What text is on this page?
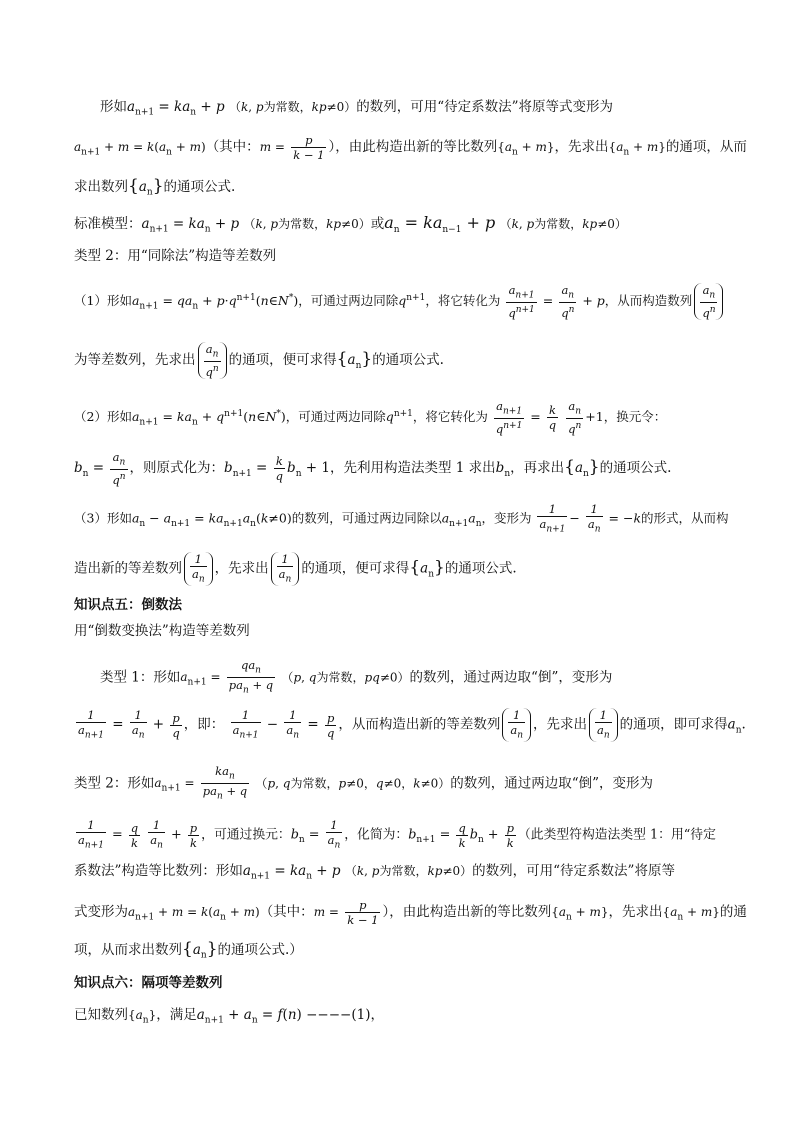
形如$a_{n+1} = ka_n + p$ （k, p为常数，kp≠0）的数列，可用“待定系数法”将原等式变形为
$a_{n+1} + m = k(a_n + m)$（其中：$m = \frac{p}{k - 1}$ ），由此构造出新的等比数列$\{a_n + m\}$，先求出$\{a_n + m\}$的通项，从而
求出数列$\{a_n\}$的通项公式.
标准模型：$a_{n+1} = ka_n + p$ （k, p为常数，kp≠0）或$a_n = ka_{n-1} + p$ （k, p为常数，kp≠0）
类型 2：用“同除法”构造等差数列
（1）形如$a_{n+1} = qa_n$ + $p\cdot q^{n+1}(n\in N^*)$，可通过两边同除$q^{n+1}$，将它转化为 $\frac{a_{n+1}}{q^{n+1}} = \frac{a_n}{q^n} + p$，从而构造数列 $\frac{a_n}{q^n}$
为等差数列，先求出 $\frac{a_n}{q^n}$ 的通项，便可求得$\{a_n\}$的通项公式.
（2）形如$a_{n+1} = ka_n$ + $q^{n+1}(n\in N^*)$，可通过两边同除$q^{n+1}$，将它转化为 $\frac{a_{n+1}}{q^{n+1}} = \frac{k}{q}$
$\frac{a_n}{q^n} +1$，换元令：
$b_n = \frac{a_n}{q^n}$ ，则原式化为：$b_{n+1} = \frac{k}{q} b_n + 1$，先利用构造法类型 1 求出$b_n$，再求出$\{a_n\}$的通项公式.
（3）形如$a_n - a_{n+1} = ka_{n+1}a_n(k\ne 0)$的数列，可通过两边同除以$a_{n+1}a_n$，变形为 $\frac{1}{a_{n+1}} - \frac{1}{a_n} = -k$的形式，从而构
造出新的等差数列 $\frac{1}{a_n}$ ，先求出 $\frac{1}{a_n}$ 的通项，便可求得$\{a_n\}$的通项公式.
知识点五：倒数法
用“倒数变换法”构造等差数列
类型 1：形如$a_{n+1}$ =
$qa_n$
$pa_n + q$
（p, q为常数，pq≠0）的数列，通过两边取“倒”，变形为
$\frac{1}{a_{n+1}} = \frac{1}{a_n} + \frac{p}{q}$ ，即： $\frac{1}{a_{n+1}} - \frac{1}{a_n} = \frac{p}{q}$ ，从而构造出新的等差数列 $\frac{1}{a_n}$ ，先求出 $\frac{1}{a_n}$ 的通项，即可求得$a_n$.
类型 2：形如$a_{n+1}$ =
$ka_n$
$pa_n + q$
（p, q为常数，p≠0，q≠0，k≠0）的数列，通过两边取“倒”，变形为
$\frac{1}{a_{n+1}} = \frac{q}{k}$
$\frac{1}{a_n} + \frac{p}{k}$ ，可通过换元：$b_n = \frac{1}{a_n}$ ，化简为：$b_{n+1} = \frac{q}{k} b_n + \frac{p}{k}$ （此类型符构造法类型 1：用“待定
系数法”构造等比数列：形如$a_{n+1} = ka_n + p$ （k, p为常数，kp≠0）的数列，可用“待定系数法”将原等
式变形为$a_{n+1} + m = k(a_n + m)$（其中：$m = \frac{p}{k - 1}$ ），由此构造出新的等比数列$\{a_n + m\}$，先求出$\{a_n + m\}$的通
项，从而求出数列$\{a_n\}$的通项公式.）
知识点六：隔项等差数列
已知数列$\{a_n\}$，满足$a_{n+1} + a_n = f(n) ----(1)$，
